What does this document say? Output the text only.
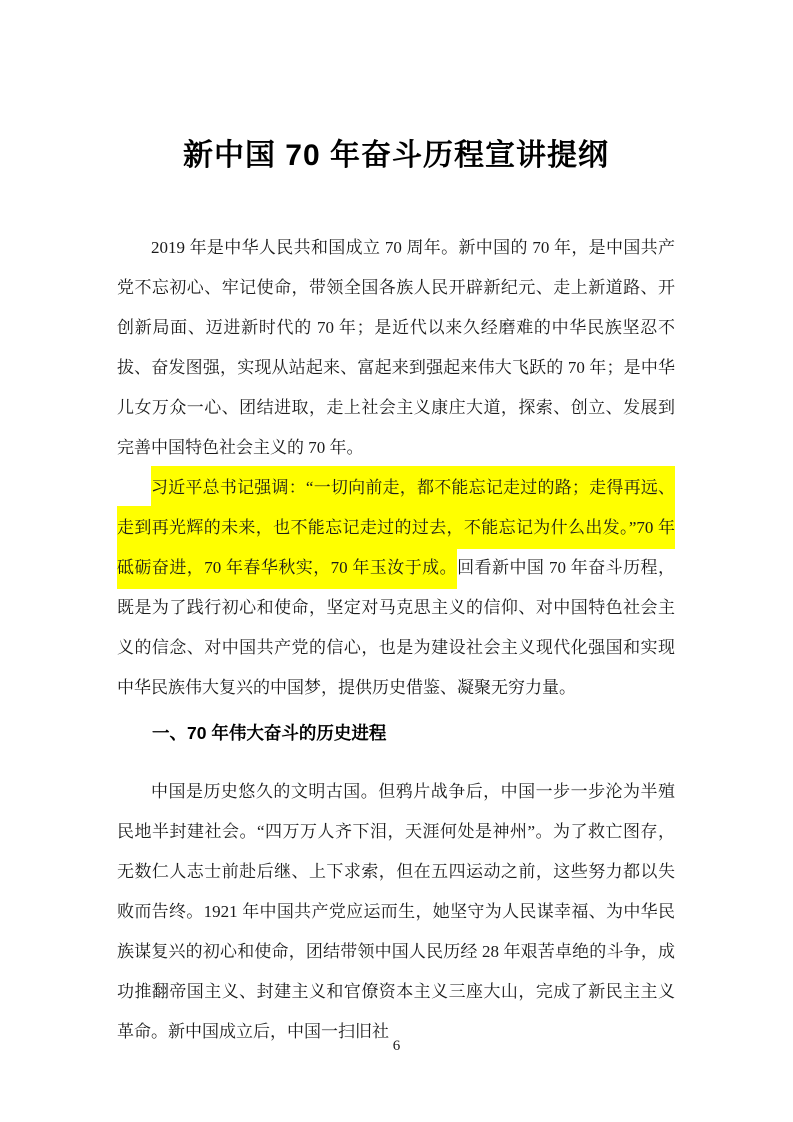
新中国 70 年奋斗历程宣讲提纲

2019 年是中华人民共和国成立 70 周年。新中国的 70 年，是中国共产党不忘初心、牢记使命，带领全国各族人民开辟新纪元、走上新道路、开创新局面、迈进新时代的 70 年；是近代以来久经磨难的中华民族坚忍不拔、奋发图强，实现从站起来、富起来到强起来伟大飞跃的 70 年；是中华儿女万众一心、团结进取，走上社会主义康庄大道，探索、创立、发展到完善中国特色社会主义的 70 年。

习近平总书记强调：“一切向前走，都不能忘记走过的路；走得再远、走到再光辉的未来，也不能忘记走过的过去，不能忘记为什么出发。”70 年砥砺奋进，70 年春华秋实，70 年玉汝于成。回看新中国 70 年奋斗历程，既是为了践行初心和使命，坚定对马克思主义的信仰、对中国特色社会主义的信念、对中国共产党的信心，也是为建设社会主义现代化强国和实现中华民族伟大复兴的中国梦，提供历史借鉴、凝聚无穷力量。

一、70 年伟大奋斗的历史进程

中国是历史悠久的文明古国。但鸦片战争后，中国一步一步沦为半殖民地半封建社会。“四万万人齐下泪，天涯何处是神州”。为了救亡图存，无数仁人志士前赴后继、上下求索，但在五四运动之前，这些努力都以失败而告终。1921 年中国共产党应运而生，她坚守为人民谋幸福、为中华民族谋复兴的初心和使命，团结带领中国人民历经 28 年艰苦卓绝的斗争，成功推翻帝国主义、封建主义和官僚资本主义三座大山，完成了新民主主义革命。新中国成立后，中国一扫旧社

6
